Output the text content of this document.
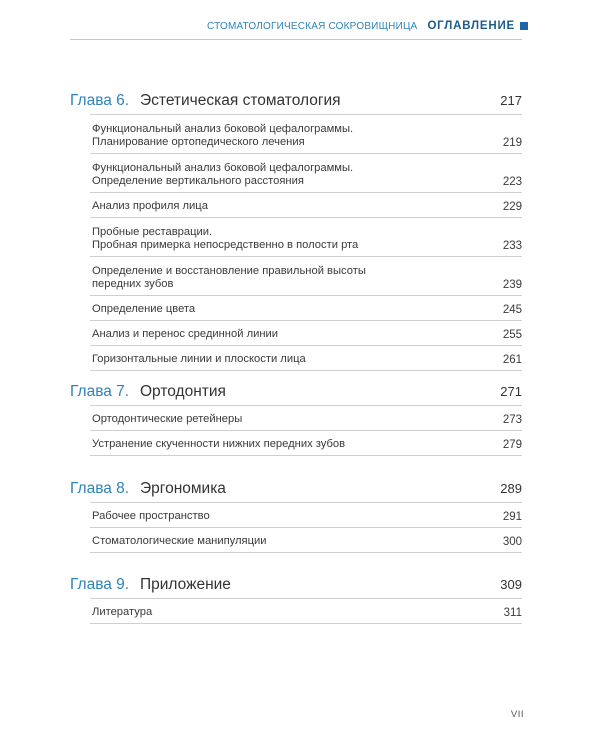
СТОМАТОЛОГИЧЕСКАЯ СОКРОВИЩНИЦА ОГЛАВЛЕНИЕ
Глава 6. Эстетическая стоматология	217
Функциональный анализ боковой цефалограммы.
Планирование ортопедического лечения	219
Функциональный анализ боковой цефалограммы.
Определение вертикального расстояния	223
Анализ профиля лица	229
Пробные реставрации.
Пробная примерка непосредственно в полости рта	233
Определение и восстановление правильной высоты
передних зубов	239
Определение цвета	245
Анализ и перенос срединной линии	255
Горизонтальные линии и плоскости лица	261
Глава 7. Ортодонтия	271
Ортодонтические ретейнеры	273
Устранение скученности нижних передних зубов	279
Глава 8. Эргономика	289
Рабочее пространство	291
Стоматологические манипуляции	300
Глава 9. Приложение	309
Литература	311
VII
